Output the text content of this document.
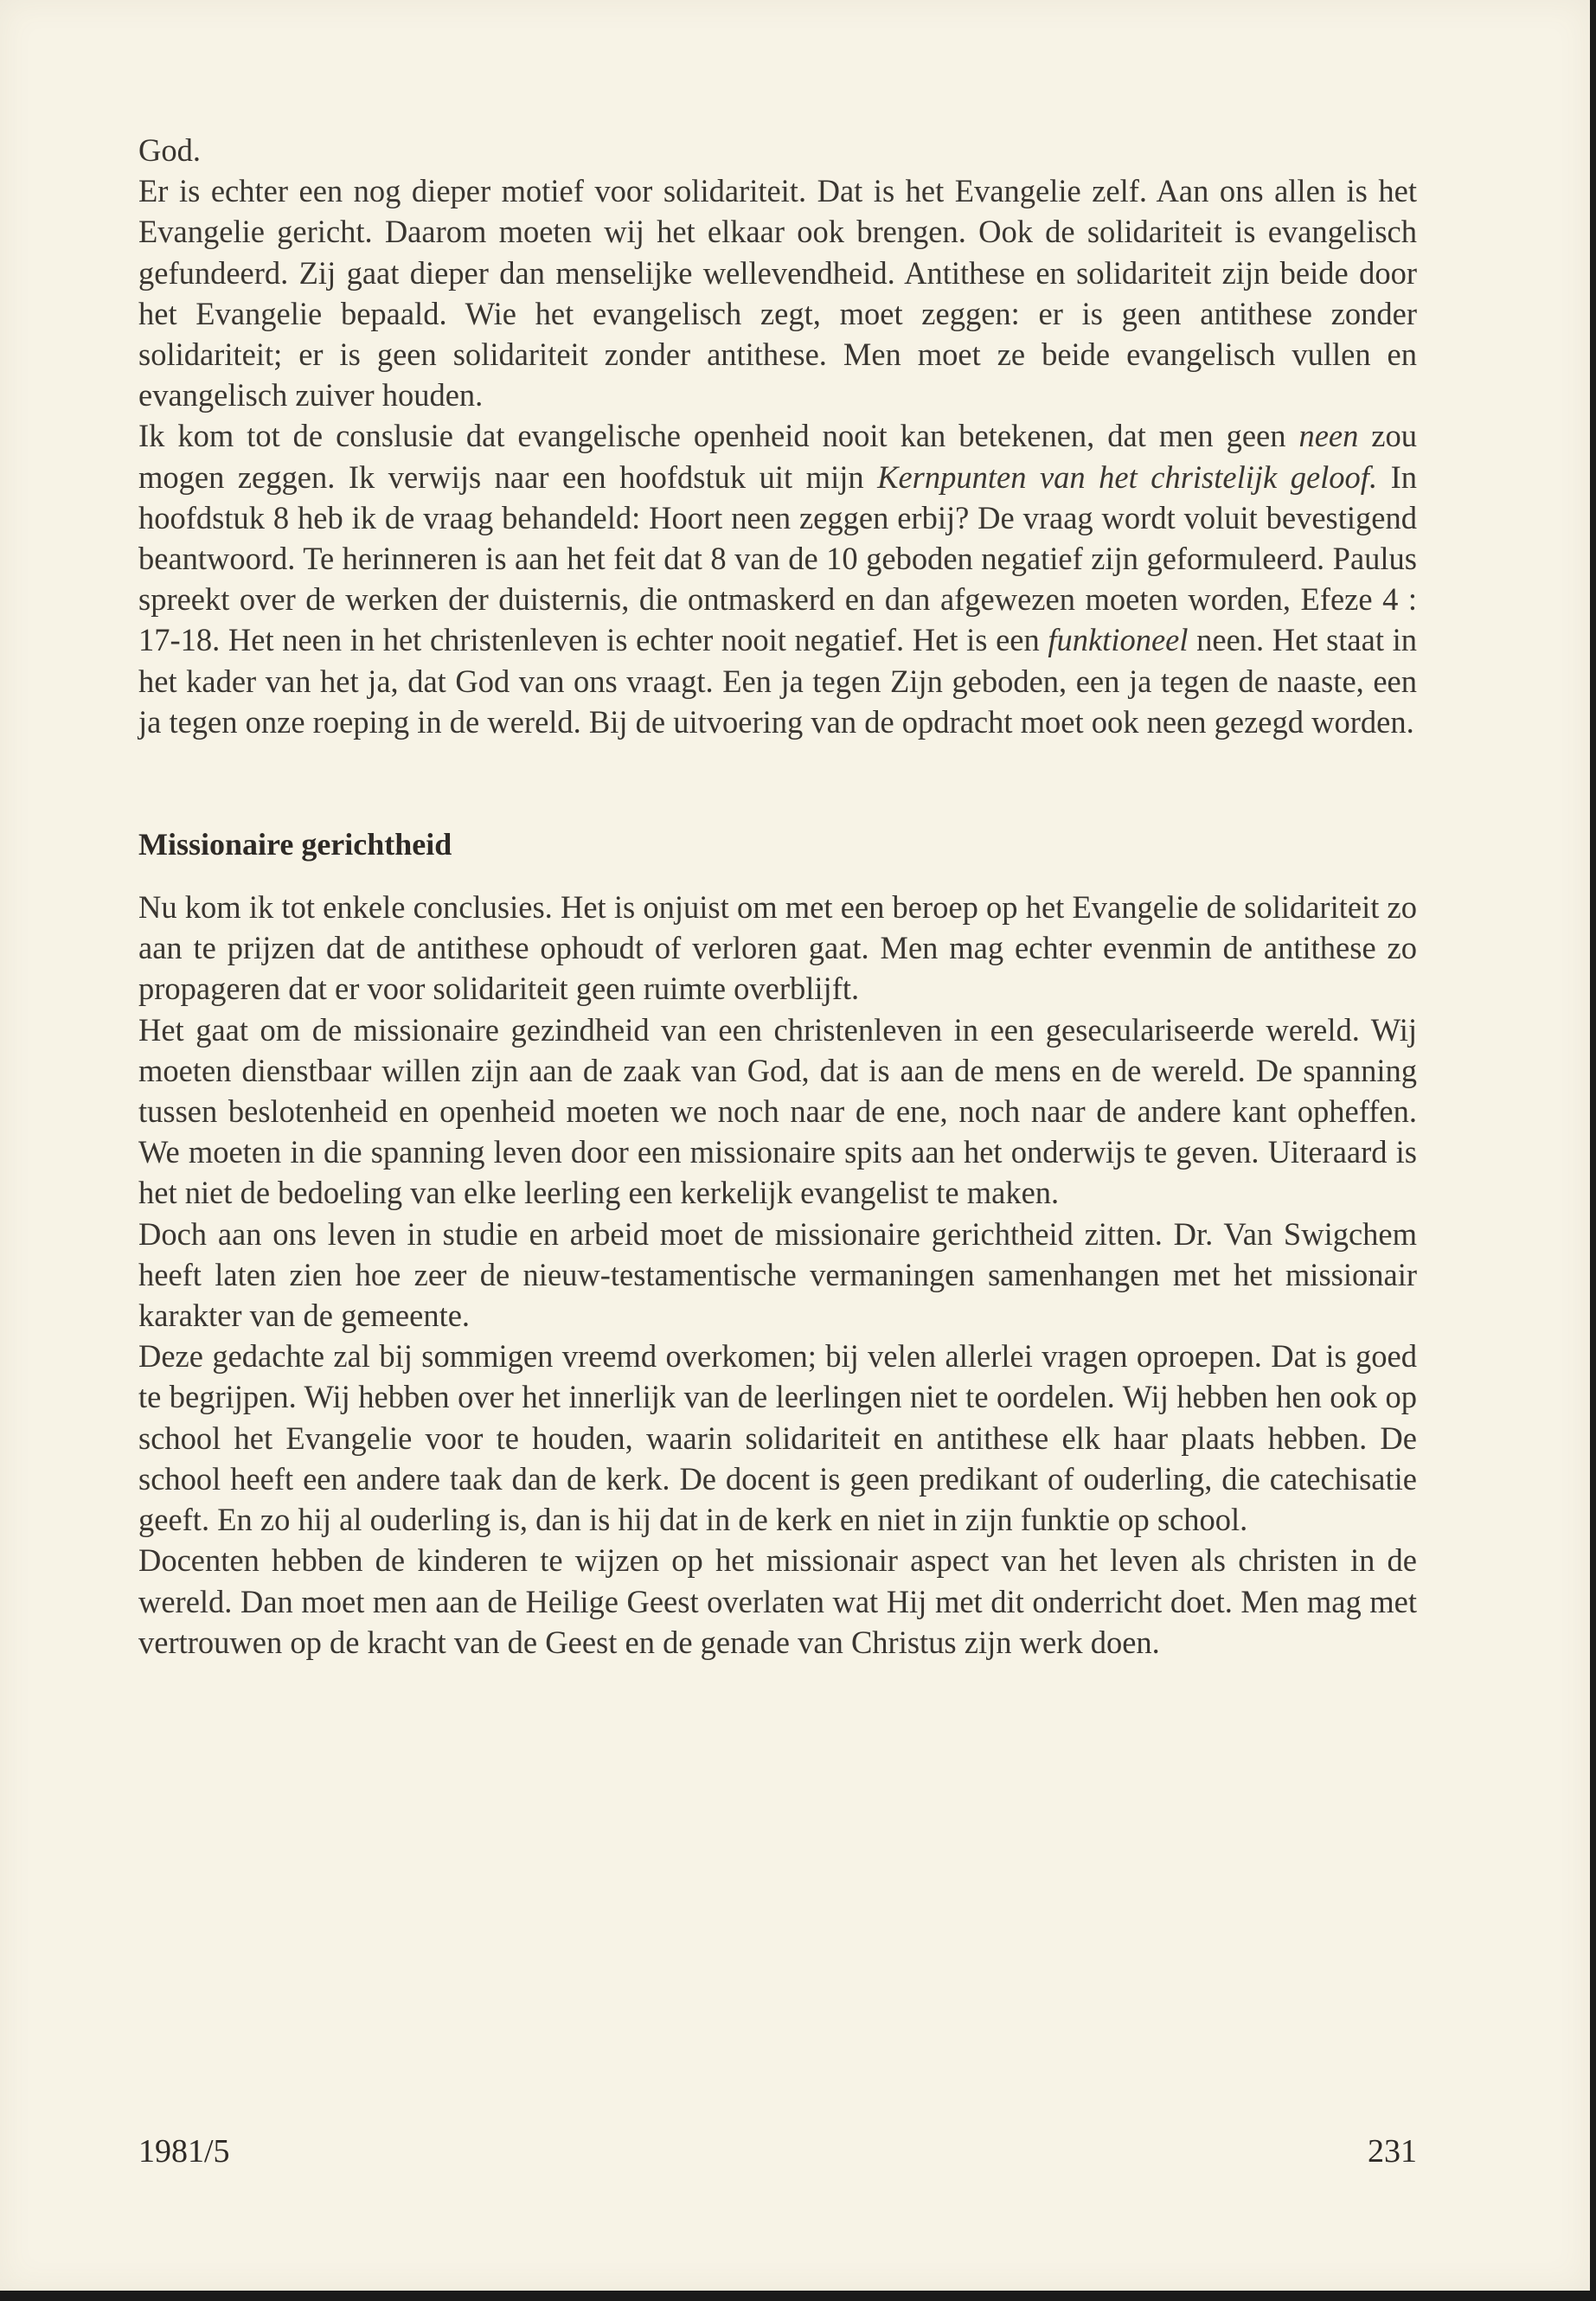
God.

Er is echter een nog dieper motief voor solidariteit. Dat is het Evangelie zelf. Aan ons allen is het Evangelie gericht. Daarom moeten wij het elkaar ook brengen. Ook de solidariteit is evangelisch gefundeerd. Zij gaat dieper dan menselijke wellevendheid. Antithese en solidariteit zijn beide door het Evangelie bepaald. Wie het evangelisch zegt, moet zeggen: er is geen antithese zonder solidariteit; er is geen solidariteit zonder antithese. Men moet ze beide evangelisch vullen en evangelisch zuiver houden.

Ik kom tot de conslusie dat evangelische openheid nooit kan betekenen, dat men geen neen zou mogen zeggen. Ik verwijs naar een hoofdstuk uit mijn Kernpunten van het christelijk geloof. In hoofdstuk 8 heb ik de vraag behandeld: Hoort neen zeggen erbij? De vraag wordt voluit bevestigend beantwoord. Te herinneren is aan het feit dat 8 van de 10 geboden negatief zijn geformuleerd. Paulus spreekt over de werken der duisternis, die ontmaskerd en dan afgewezen moeten worden, Efeze 4 : 17-18. Het neen in het christenleven is echter nooit negatief. Het is een funktioneel neen. Het staat in het kader van het ja, dat God van ons vraagt. Een ja tegen Zijn geboden, een ja tegen de naaste, een ja tegen onze roeping in de wereld. Bij de uitvoering van de opdracht moet ook neen gezegd worden.

Missionaire gerichtheid

Nu kom ik tot enkele conclusies. Het is onjuist om met een beroep op het Evangelie de solidariteit zo aan te prijzen dat de antithese ophoudt of verloren gaat. Men mag echter evenmin de antithese zo propageren dat er voor solidariteit geen ruimte overblijft.

Het gaat om de missionaire gezindheid van een christenleven in een geseculariseerde wereld. Wij moeten dienstbaar willen zijn aan de zaak van God, dat is aan de mens en de wereld. De spanning tussen beslotenheid en openheid moeten we noch naar de ene, noch naar de andere kant opheffen. We moeten in die spanning leven door een missionaire spits aan het onderwijs te geven. Uiteraard is het niet de bedoeling van elke leerling een kerkelijk evangelist te maken.

Doch aan ons leven in studie en arbeid moet de missionaire gerichtheid zitten. Dr. Van Swigchem heeft laten zien hoe zeer de nieuw-testamentische vermaningen samenhangen met het missionair karakter van de gemeente.

Deze gedachte zal bij sommigen vreemd overkomen; bij velen allerlei vragen oproepen. Dat is goed te begrijpen. Wij hebben over het innerlijk van de leerlingen niet te oordelen. Wij hebben hen ook op school het Evangelie voor te houden, waarin solidariteit en antithese elk haar plaats hebben. De school heeft een andere taak dan de kerk. De docent is geen predikant of ouderling, die catechisatie geeft. En zo hij al ouderling is, dan is hij dat in de kerk en niet in zijn funktie op school.

Docenten hebben de kinderen te wijzen op het missionair aspect van het leven als christen in de wereld. Dan moet men aan de Heilige Geest overlaten wat Hij met dit onderricht doet. Men mag met vertrouwen op de kracht van de Geest en de genade van Christus zijn werk doen.

1981/5	231
